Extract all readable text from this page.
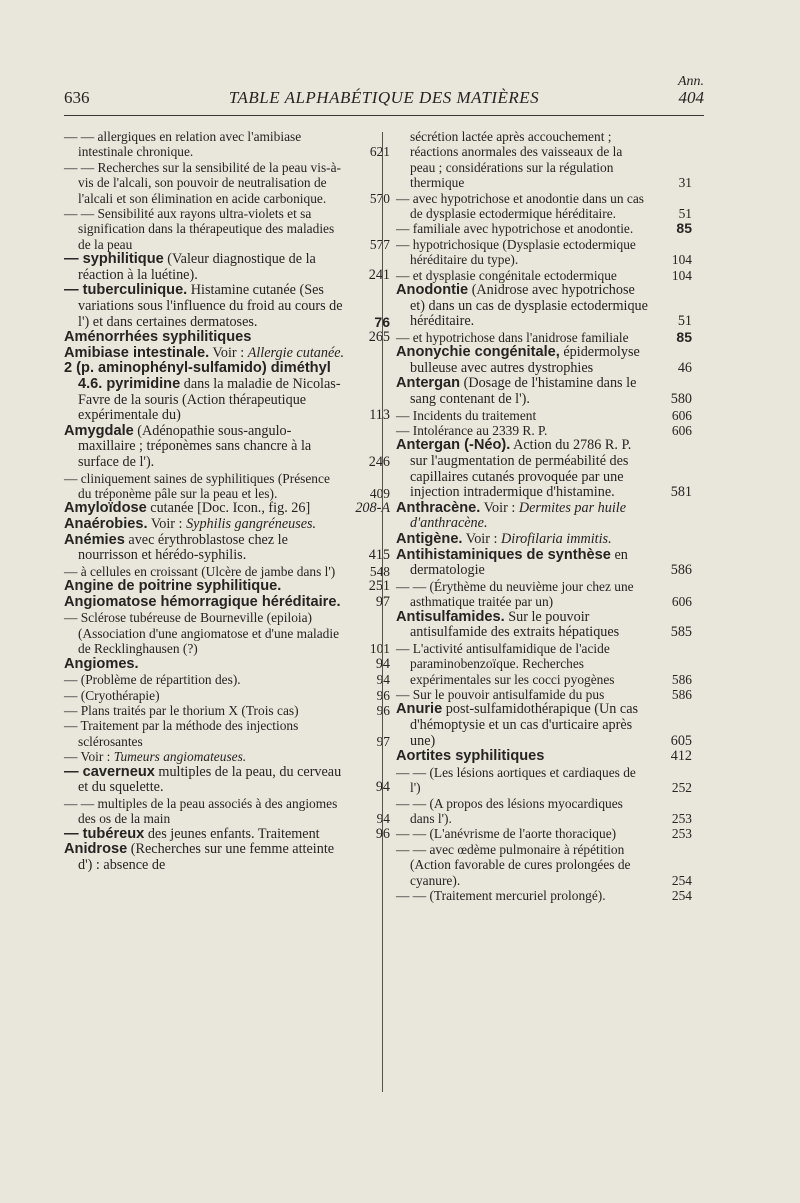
636	TABLE ALPHABÉTIQUE DES MATIÈRES
Ann.
404

— — allergiques en relation avec l'amibiase intestinale chronique.	621

— — Recherches sur la sensibilité de la peau vis-à-vis de l'alcali, son pouvoir de neutralisation de l'alcali et son élimination en acide carbonique.	570

— — Sensibilité aux rayons ultra-violets et sa signification dans la thérapeutique des maladies de la peau	577

— syphilitique (Valeur diagnostique de la réaction à la luétine).	241

— tuberculinique. Histamine cutanée (Ses variations sous l'influence du froid au cours de l') et dans certaines dermatoses.	76

Aménorrhées syphilitiques	265

Amibiase intestinale. Voir : Allergie cutanée.

2 (p. aminophényl-sulfamido) diméthyl 4.6. pyrimidine dans la maladie de Nicolas-Favre de la souris (Action thérapeutique expérimentale du)	113

Amygdale (Adénopathie sous-angulo-maxillaire ; tréponèmes sans chancre à la surface de l').	246

— cliniquement saines de syphilitiques (Présence du tréponème pâle sur la peau et les).	409

Amyloïdose cutanée [Doc. Icon., fig. 26]	208-A

Anaérobies. Voir : Syphilis gangréneuses.

Anémies avec érythroblastose chez le nourrisson et hérédo-syphilis.	415

— à cellules en croissant (Ulcère de jambe dans l')	548

Angine de poitrine syphilitique.	251

Angiomatose hémorragique héréditaire. 97

— Sclérose tubéreuse de Bourneville (epiloia) (Association d'une angiomatose et d'une maladie de Recklinghausen (?)	101

Angiomes.	94

— (Problème de répartition des).	94

— (Cryothérapie)	96

— Plans traités par le thorium X (Trois cas)	96

— Traitement par la méthode des injections sclérosantes	97

— Voir : Tumeurs angiomateuses.

— caverneux multiples de la peau, du cerveau et du squelette.	94

— — multiples de la peau associés à des angiomes des os de la main	94

— tubéreux des jeunes enfants. Traitement	96

Anidrose (Recherches sur une femme atteinte d') : absence de

sécrétion lactée après accouchement ; réactions anormales des vaisseaux de la peau ; considérations sur la régulation thermique	31

— avec hypotrichose et anodontie dans un cas de dysplasie ectodermique héréditaire.	51

— familiale avec hypotrichose et anodontie.	85

— hypotrichosique (Dysplasie ectodermique héréditaire du type).	104

— et dysplasie congénitale ectodermique	104

Anodontie (Anidrose avec hypotrichose et) dans un cas de dysplasie ectodermique héréditaire.	51

— et hypotrichose dans l'anidrose familiale	85

Anonychie congénitale, épidermolyse bulleuse avec autres dystrophies	46

Antergan (Dosage de l'histamine dans le sang contenant de l').	580

— Incidents du traitement	606

— Intolérance au 2339 R. P.	606

Antergan (-Néo). Action du 2786 R. P. sur l'augmentation de perméabilité des capillaires cutanés provoquée par une injection intradermique d'histamine.	581

Anthracène. Voir : Dermites par huile d'anthracène.

Antigène. Voir : Dirofilaria immitis.

Antihistaminiques de synthèse en dermatologie	586

— — (Érythème du neuvième jour chez une asthmatique traitée par un)	606

Antisulfamides. Sur le pouvoir antisulfamide des extraits hépatiques	585

— L'activité antisulfamidique de l'acide paraminobenzoïque. Recherches expérimentales sur les cocci pyogènes	586

— Sur le pouvoir antisulfamide du pus	586

Anurie post-sulfamidothérapique (Un cas d'hémoptysie et un cas d'urticaire après une)	605

Aortites syphilitiques	412

— — (Les lésions aortiques et cardiaques de l')	252

— — (A propos des lésions myocardiques dans l').	253

— — (L'anévrisme de l'aorte thoracique)	253

— — avec œdème pulmonaire à répétition (Action favorable de cures prolongées de cyanure).	254

— — (Traitement mercuriel prolongé).	254
